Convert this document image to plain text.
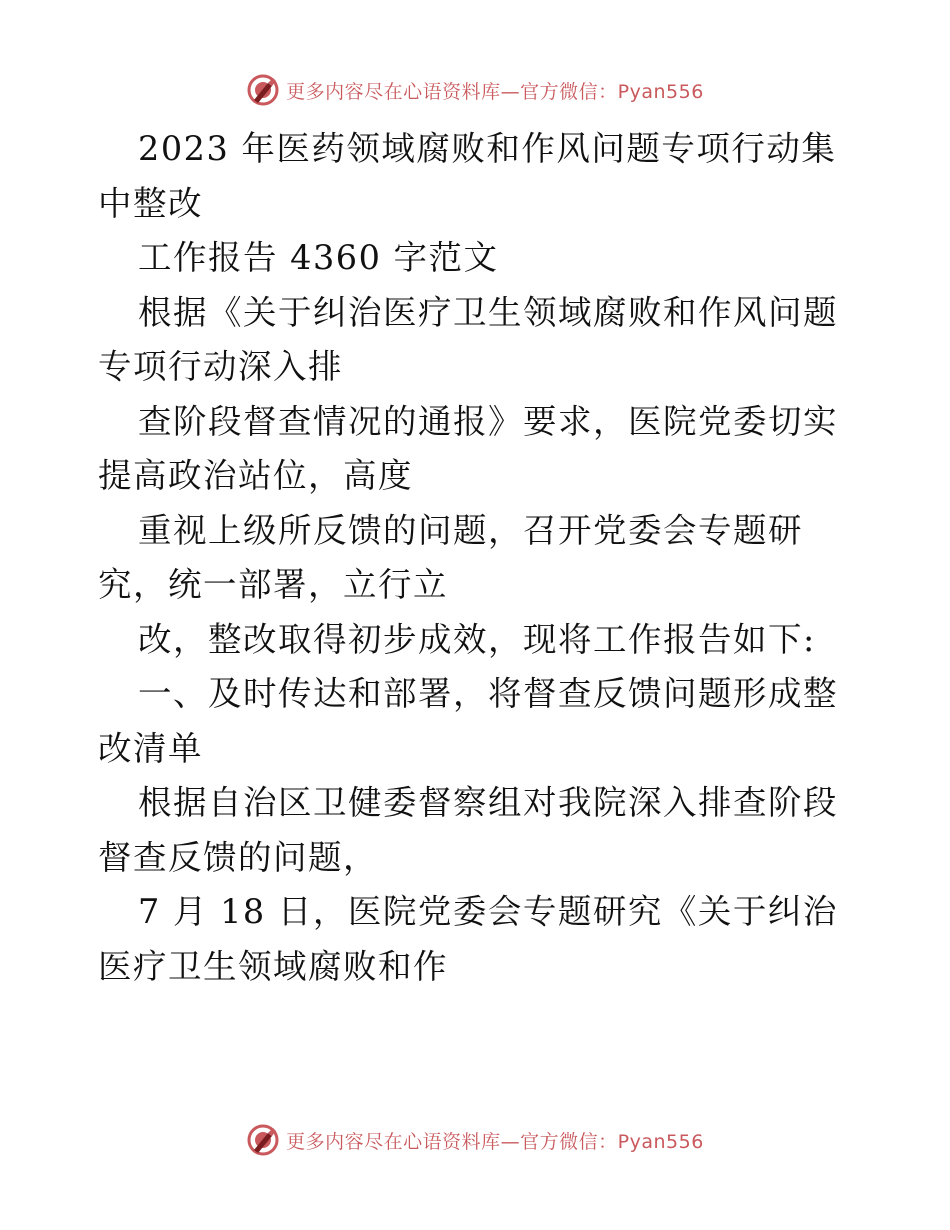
更多内容尽在心语资料库—官方微信：Pyan556

2023 年医药领域腐败和作风问题专项行动集中整改

工作报告 4360 字范文

根据《关于纠治医疗卫生领域腐败和作风问题专项行动深入排

查阶段督查情况的通报》要求，医院党委切实提高政治站位，高度

重视上级所反馈的问题，召开党委会专题研究，统一部署，立行立

改，整改取得初步成效，现将工作报告如下:

一、及时传达和部署，将督查反馈问题形成整改清单

根据自治区卫健委督察组对我院深入排查阶段督查反馈的问题，

7 月 18 日，医院党委会专题研究《关于纠治医疗卫生领域腐败和作

更多内容尽在心语资料库—官方微信：Pyan556
